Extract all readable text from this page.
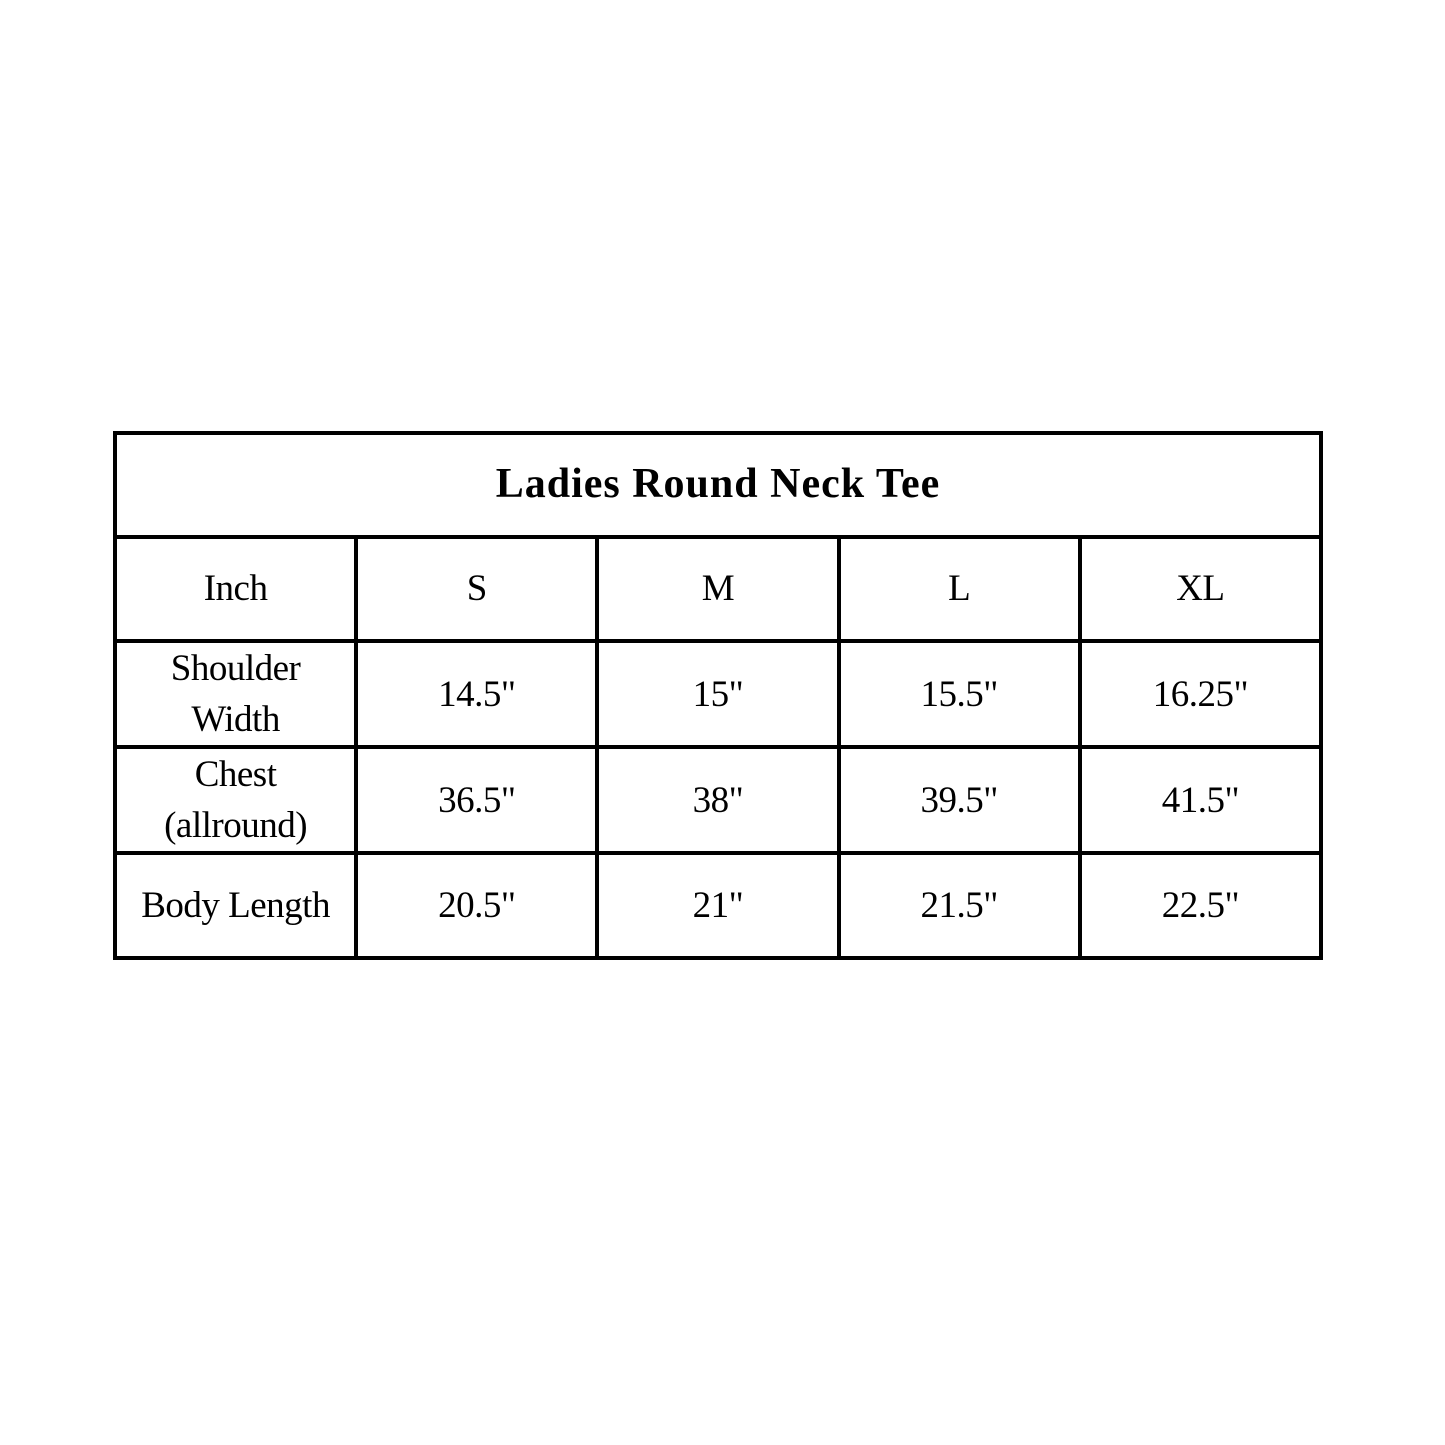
Ladies Round Neck Tee				
Inch	S	M	L	XL
Shoulder
Width	14.5"	15"	15.5"	16.25"
Chest
(allround)	36.5"	38"	39.5"	41.5"
Body Length	20.5"	21"	21.5"	22.5"
